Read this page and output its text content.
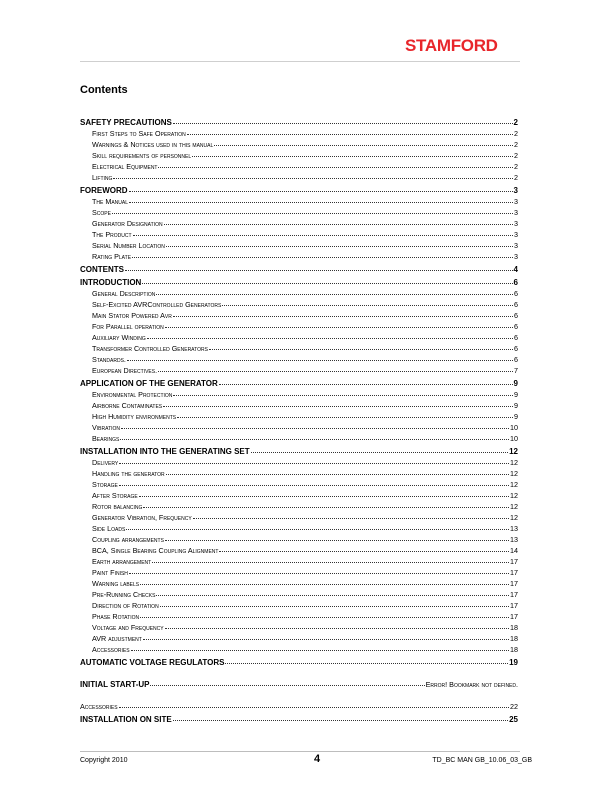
STAMFORD
Contents
SAFETY PRECAUTIONS	2
First Steps to Safe Operation	2
Warnings & Notices used in this manual	2
Skill requirements of personnel	2
Electrical Equipment	2
Lifting	2
FOREWORD	3
The Manual	3
Scope	3
Generator Designation	3
The Product	3
Serial Number Location	3
Rating Plate	3
CONTENTS	4
INTRODUCTION	6
General Description	6
Self-Excited AVRControlled Generators	6
Main Stator Powered Avr	6
For Parallel operation	6
Auxiliary Winding	6
Transformer Controlled Generators	6
Standards.	6
European Directives.	7
APPLICATION OF THE GENERATOR	9
Environmental Protection	9
Airborne Contaminates	9
High Humidity environments	9
Vibration	10
Bearings	10
INSTALLATION INTO THE GENERATING SET	12
Delivery	12
Handling the generator	12
Storage	12
After Storage	12
Rotor balancing	12
Generator Vibration, Frequency	12
Side Loads	13
Coupling arrangements	13
BCA, Single Bearing Coupling Alignment	14
Earth arrangement	17
Paint Finish	17
Warning labels	17
Pre-Running Checks	17
Direction of Rotation	17
Phase Rotation	17
Voltage and Frequency	18
AVR adjustment	18
Accessories	18
AUTOMATIC VOLTAGE REGULATORS	19
INITIAL START-UP	Error! Bookmark not defined.
Accessories	22
INSTALLATION ON SITE	25
Copyright 2010	4	TD_BC MAN GB_10.06_03_GB
